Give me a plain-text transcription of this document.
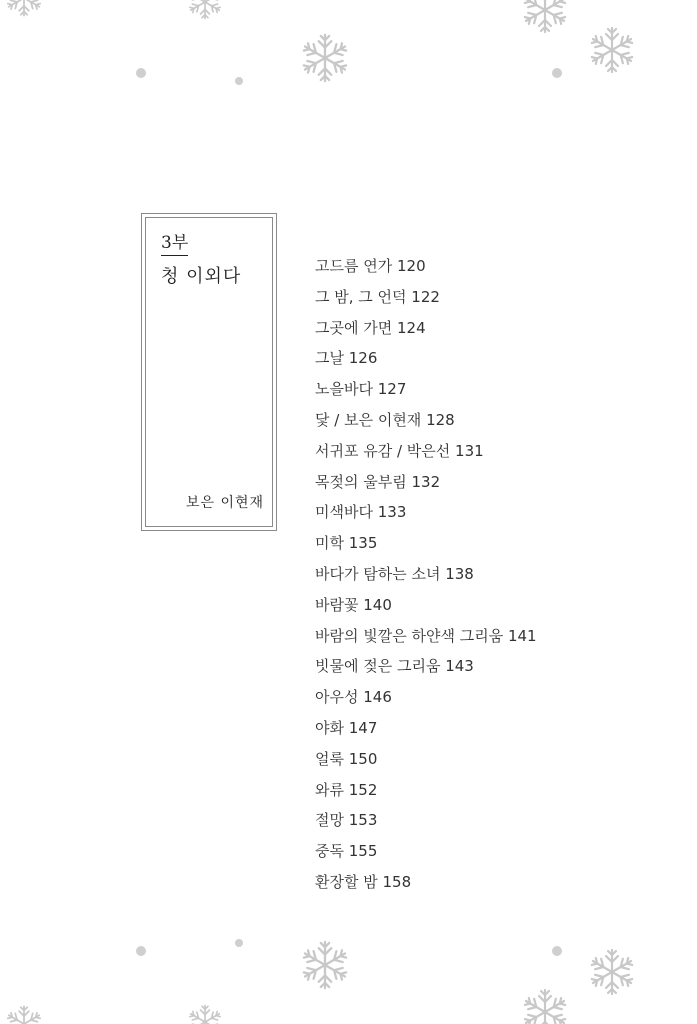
3부
청 이외다
보은 이현재
고드름 연가 120
그 밤, 그 언덕 122
그곳에 가면 124
그날 126
노을바다 127
닻 / 보은 이현재 128
서귀포 유감 / 박은선 131
목젖의 울부림 132
미색바다 133
미학 135
바다가 탐하는 소녀 138
바람꽃 140
바람의 빛깔은 하얀색 그리움 141
빗물에 젖은 그리움 143
아우성 146
야화 147
얼룩 150
와류 152
절망 153
중독 155
환장할 밤 158
